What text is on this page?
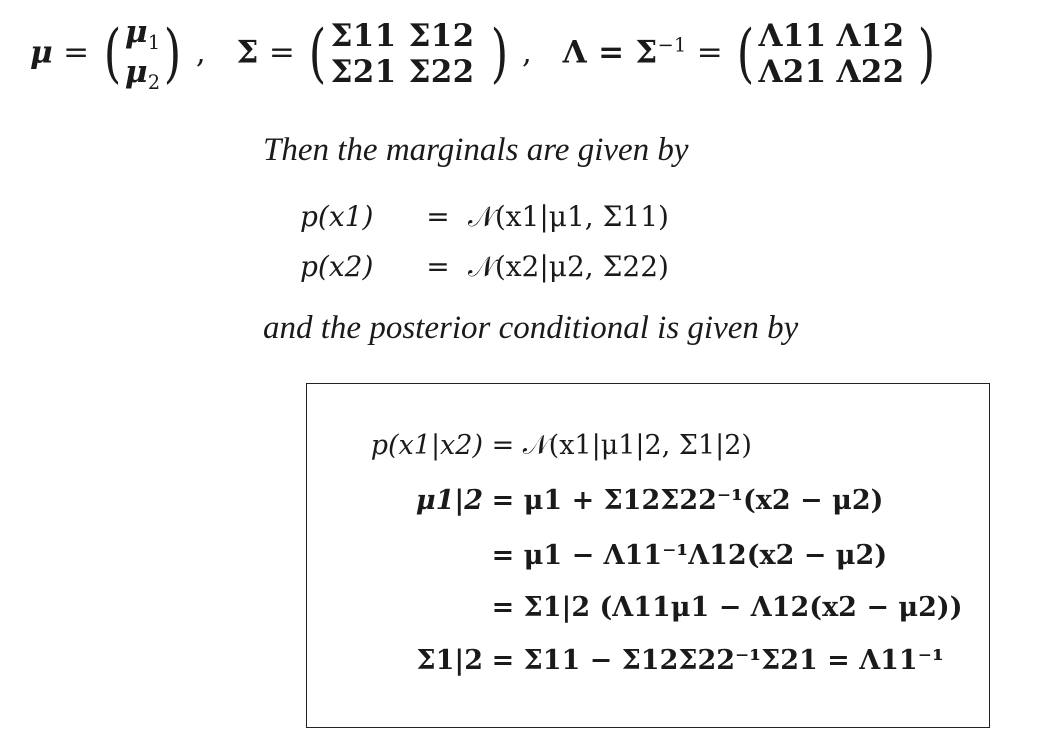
μ = ( $\mu_1$
$\mu_2$ ) ,   Σ = ( Σ11 Σ12
Σ21 Σ22 ) ,   $\Lambda = \Sigma^{-1}$ = ( Λ11 Λ12
Λ21 Λ22 )
Then the marginals are given by
p(x1) = 𝒩(x1|μ1, Σ11)
p(x2) = 𝒩(x2|μ2, Σ22)
and the posterior conditional is given by
p(x1|x2) = 𝒩(x1|μ1|2, Σ1|2)
μ1|2 = μ1 + Σ12Σ22⁻¹(x2 − μ2)
= μ1 − Λ11⁻¹Λ12(x2 − μ2)
= Σ1|2 (Λ11μ1 − Λ12(x2 − μ2))
Σ1|2 = Σ11 − Σ12Σ22⁻¹Σ21 = Λ11⁻¹
